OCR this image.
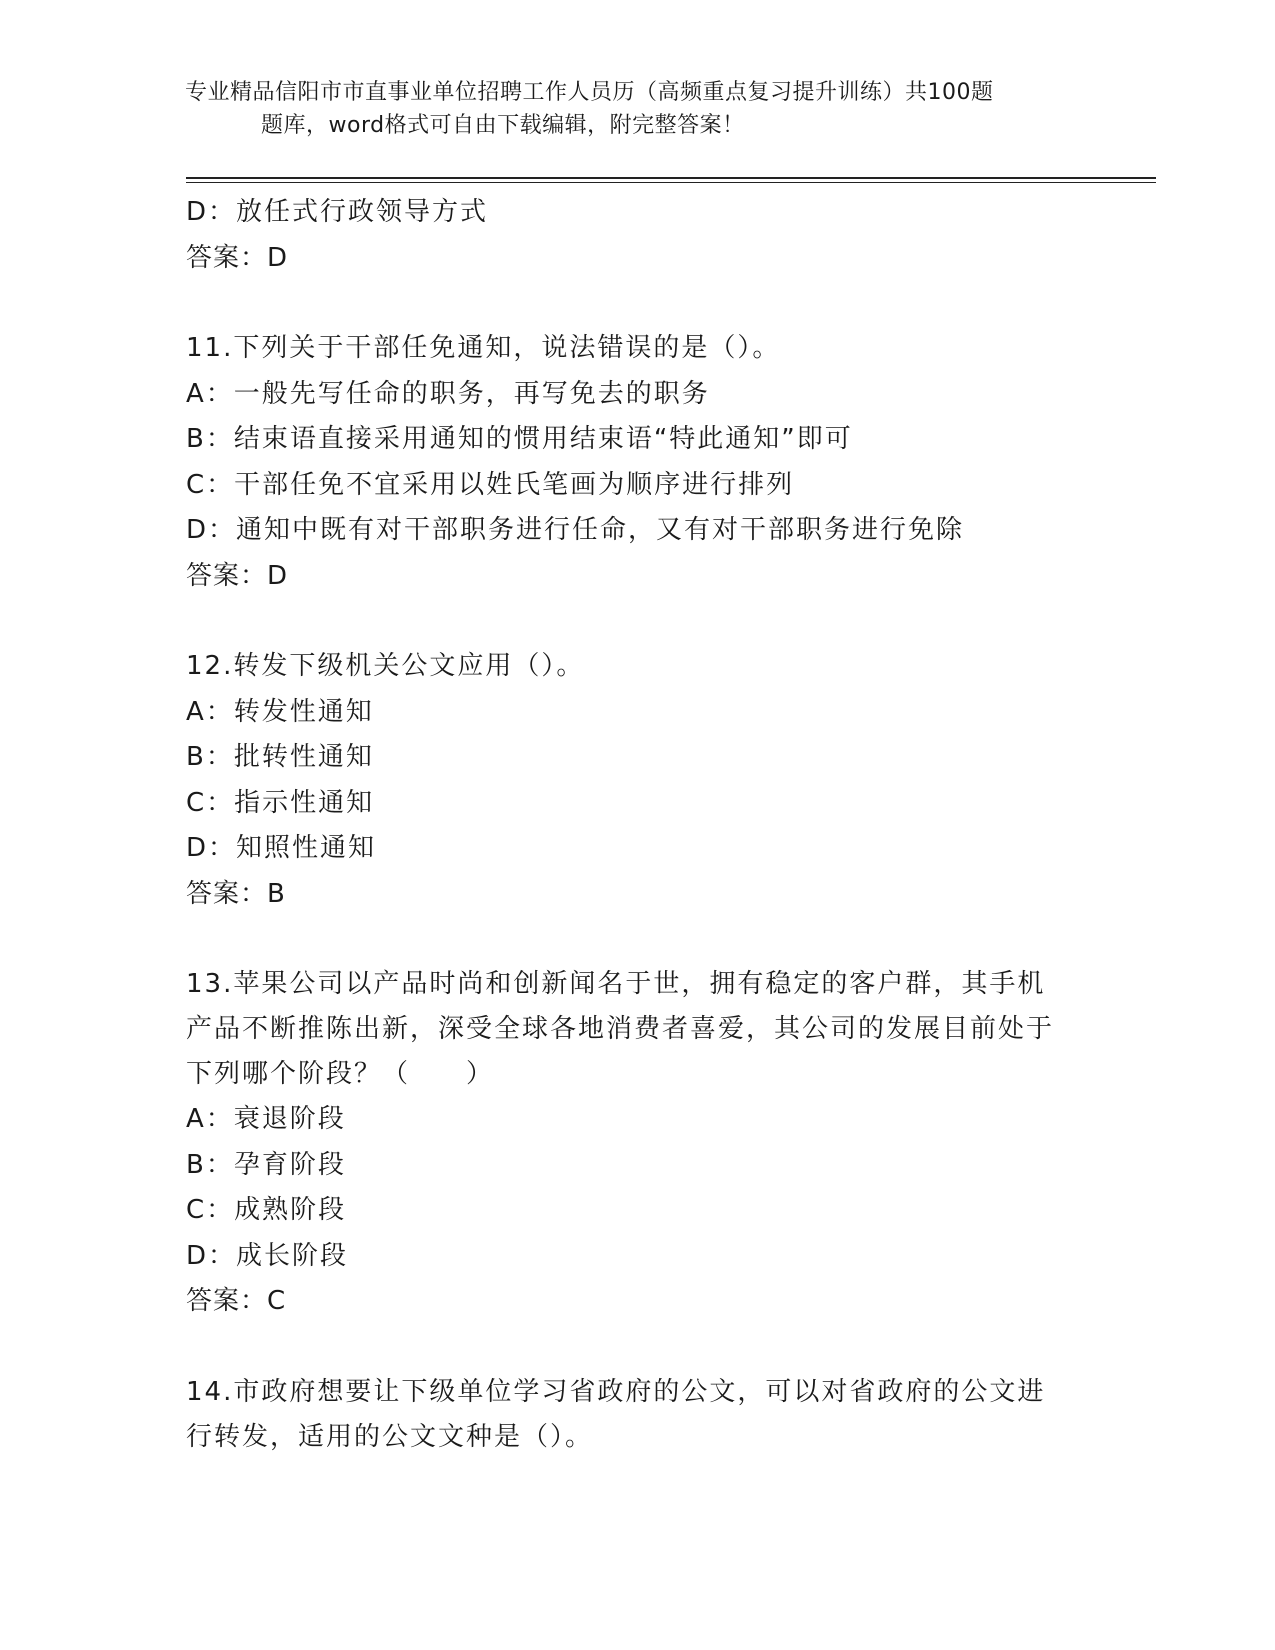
专业精品信阳市市直事业单位招聘工作人员历（高频重点复习提升训练）共100题
题库，word格式可自由下载编辑，附完整答案！
D：放任式行政领导方式
答案：D
11.下列关于干部任免通知，说法错误的是（）。
A：一般先写任命的职务，再写免去的职务
B：结束语直接采用通知的惯用结束语“特此通知”即可
C：干部任免不宜采用以姓氏笔画为顺序进行排列
D：通知中既有对干部职务进行任命，又有对干部职务进行免除
答案：D
12.转发下级机关公文应用（）。
A：转发性通知
B：批转性通知
C：指示性通知
D：知照性通知
答案：B
13.苹果公司以产品时尚和创新闻名于世，拥有稳定的客户群，其手机产品不断推陈出新，深受全球各地消费者喜爱，其公司的发展目前处于下列哪个阶段？（　　）
A：衰退阶段
B：孕育阶段
C：成熟阶段
D：成长阶段
答案：C
14.市政府想要让下级单位学习省政府的公文，可以对省政府的公文进行转发，适用的公文文种是（）。
